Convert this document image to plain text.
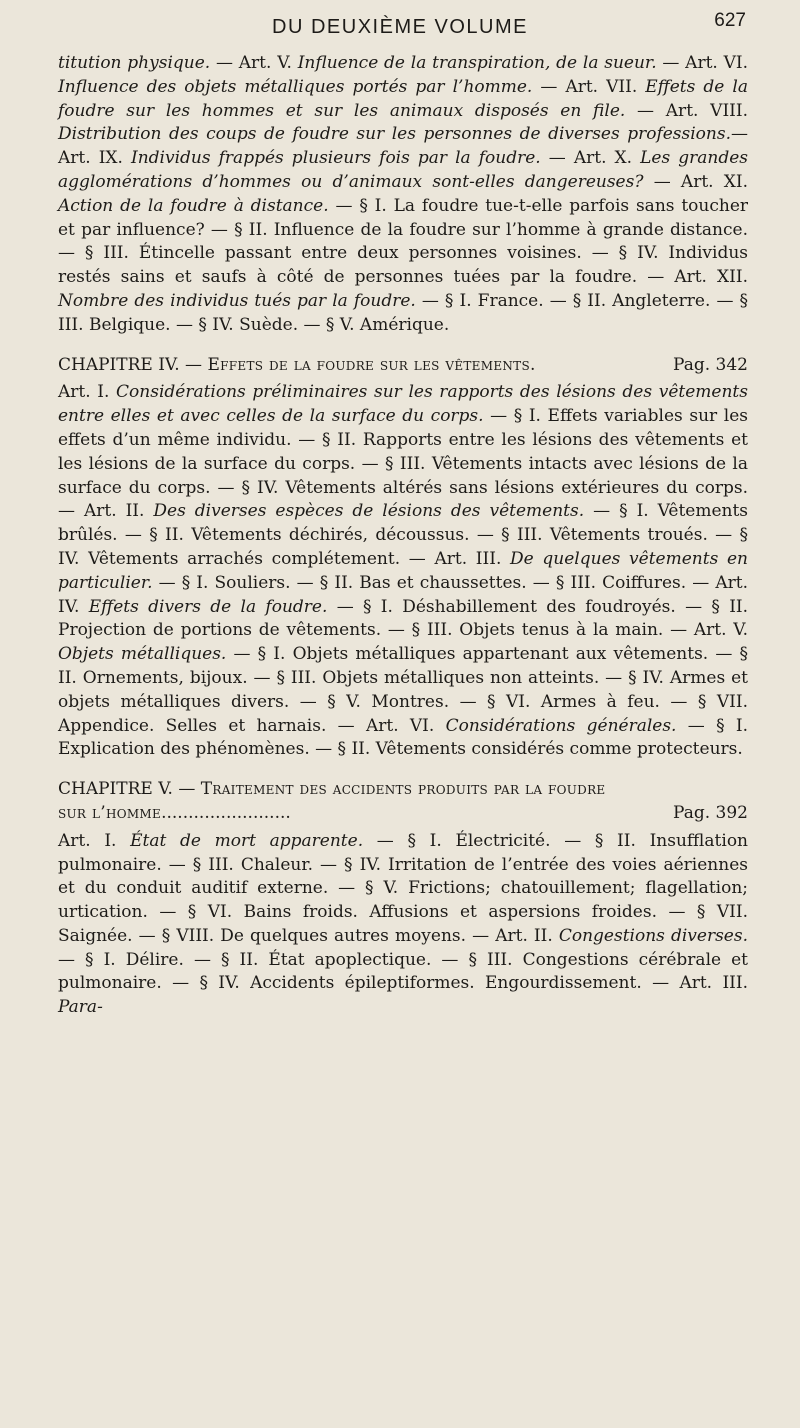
DU DEUXIÈME VOLUME	627

titution physique. — Art. V. Influence de la transpiration, de la sueur. — Art. VI. Influence des objets métalliques portés par l’homme. — Art. VII. Effets de la foudre sur les hommes et sur les animaux disposés en file. — Art. VIII. Distribution des coups de foudre sur les personnes de diverses professions.—Art. IX. Individus frappés plusieurs fois par la foudre. — Art. X. Les grandes agglomérations d’hommes ou d’animaux sont-elles dangereuses? — Art. XI. Action de la foudre à distance. — § I. La foudre tue-t-elle parfois sans toucher et par influence? — § II. Influence de la foudre sur l’homme à grande distance. — § III. Étincelle passant entre deux personnes voisines. — § IV. Individus restés sains et saufs à côté de personnes tuées par la foudre. — Art. XII. Nombre des individus tués par la foudre. — § I. France. — § II. Angleterre. — § III. Belgique. — § IV. Suède. — § V. Amérique.

CHAPITRE IV. — Effets de la foudre sur les vêtements.	Pag. 342

Art. I. Considérations préliminaires sur les rapports des lésions des vêtements entre elles et avec celles de la surface du corps. — § I. Effets variables sur les effets d’un même individu. — § II. Rapports entre les lésions des vêtements et les lésions de la surface du corps. — § III. Vêtements intacts avec lésions de la surface du corps. — § IV. Vêtements altérés sans lésions extérieures du corps. — Art. II. Des diverses espèces de lésions des vêtements. — § I. Vêtements brûlés. — § II. Vêtements déchirés, découssus. — § III. Vêtements troués. — § IV. Vêtements arrachés complétement. — Art. III. De quelques vêtements en particulier. — § I. Souliers. — § II. Bas et chaussettes. — § III. Coiffures. — Art. IV. Effets divers de la foudre. — § I. Déshabillement des foudroyés. — § II. Projection de portions de vêtements. — § III. Objets tenus à la main. — Art. V. Objets métalliques. — § I. Objets métalliques appartenant aux vêtements. — § II. Ornements, bijoux. — § III. Objets métalliques non atteints. — § IV. Armes et objets métalliques divers. — § V. Montres. — § VI. Armes à feu. — § VII. Appendice. Selles et harnais. — Art. VI. Considérations générales. — § I. Explication des phénomènes. — § II. Vêtements considérés comme protecteurs.

CHAPITRE V. — Traitement des accidents produits par la foudre
sur l’homme........................	Pag. 392

Art. I. État de mort apparente. — § I. Électricité. — § II. Insufflation pulmonaire. — § III. Chaleur. — § IV. Irritation de l’entrée des voies aériennes et du conduit auditif externe. — § V. Frictions; chatouillement; flagellation; urtication. — § VI. Bains froids. Affusions et aspersions froides. — § VII. Saignée. — § VIII. De quelques autres moyens. — Art. II. Congestions diverses. — § I. Délire. — § II. État apoplectique. — § III. Congestions cérébrale et pulmonaire. — § IV. Accidents épileptiformes. Engourdissement. — Art. III. Para-
